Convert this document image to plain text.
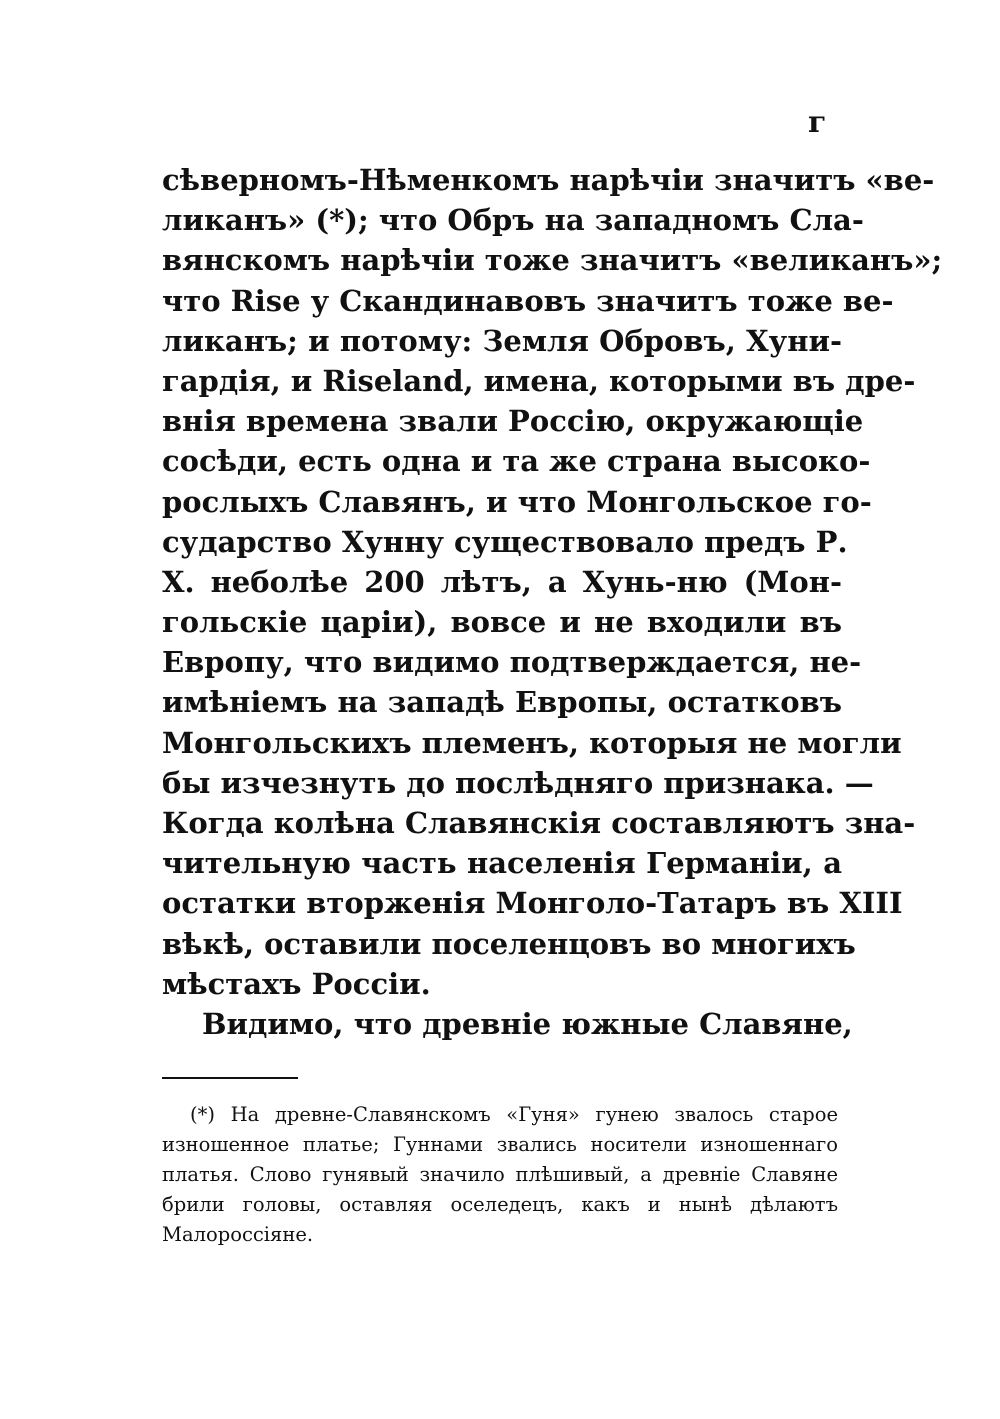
г
сѣверномъ-Нѣменкомъ нарѣчіи значитъ «ве-
ликанъ» (*); что Обръ на западномъ Сла-
вянскомъ нарѣчіи тоже значитъ «великанъ»;
что Rise у Скандинавовъ значитъ тоже ве-
ликанъ; и потому: Земля Обровъ, Хуни-
гардія, и Riseland, имена, которыми въ дре-
внія времена звали Россію, окружающіе
сосѣди, есть одна и та же страна высоко-
рослыхъ Славянъ, и что Монгольское го-
сударство Хунну существовало предъ Р.
Х. неболѣе 200 лѣтъ, а Хунь-ню (Мон-
гольскіе царіи), вовсе и не входили въ
Европу, что видимо подтверждается, не-
имѣніемъ на западѣ Европы, остатковъ
Монгольскихъ племенъ, которыя не могли
бы изчезнуть до послѣдняго признака. —
Когда колѣна Славянскія составляютъ зна-
чительную часть населенія Германіи, а
остатки вторженія Монголо-Татаръ въ XIII
вѣкѣ, оставили поселенцовъ во многихъ
мѣстахъ Россіи.
Видимо, что древніе южные Славяне,
(*) На древне-Славянскомъ «Гуня» гунею звалось старое
изношенное платье; Гуннами звались носители изношеннаго
платья. Слово гунявый значило плѣшивый, а древніе Славяне
брили головы, оставляя оселедецъ, какъ и нынѣ дѣлаютъ
Малороссіяне.
